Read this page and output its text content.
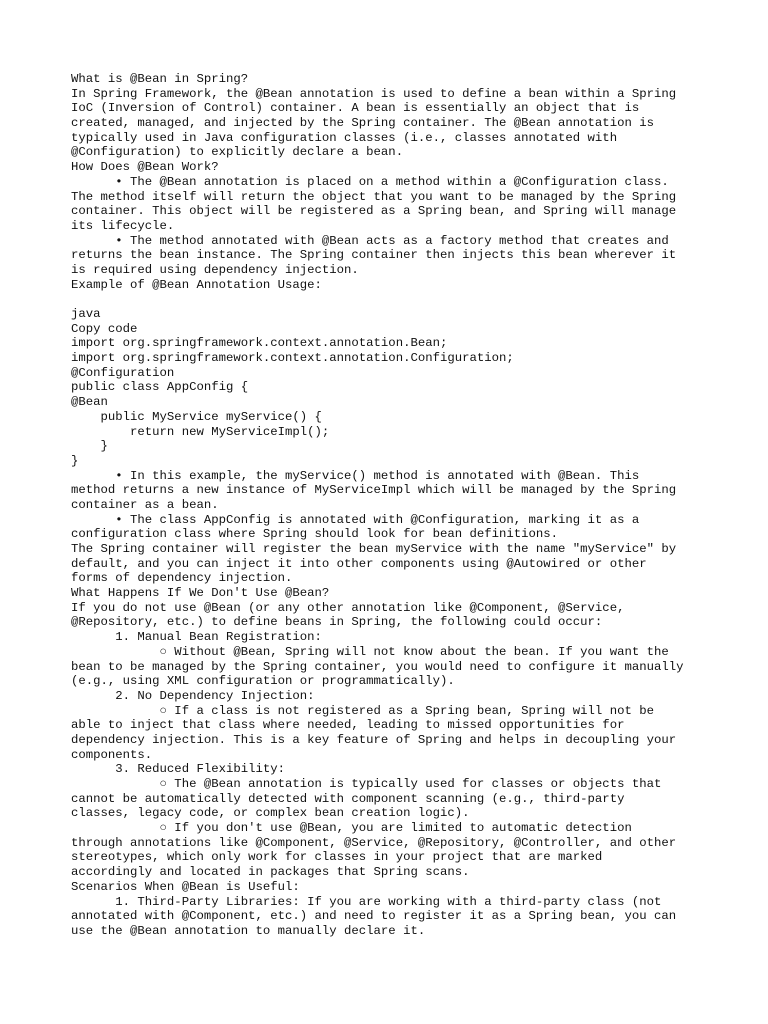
What is @Bean in Spring?
In Spring Framework, the @Bean annotation is used to define a bean within a Spring
IoC (Inversion of Control) container. A bean is essentially an object that is
created, managed, and injected by the Spring container. The @Bean annotation is
typically used in Java configuration classes (i.e., classes annotated with
@Configuration) to explicitly declare a bean.
How Does @Bean Work?
• The @Bean annotation is placed on a method within a @Configuration class.
The method itself will return the object that you want to be managed by the Spring
container. This object will be registered as a Spring bean, and Spring will manage
its lifecycle.
• The method annotated with @Bean acts as a factory method that creates and
returns the bean instance. The Spring container then injects this bean wherever it
is required using dependency injection.
Example of @Bean Annotation Usage:
java
Copy code
import org.springframework.context.annotation.Bean;
import org.springframework.context.annotation.Configuration;
@Configuration
public class AppConfig {
@Bean
public MyService myService() {
return new MyServiceImpl();
}
}
• In this example, the myService() method is annotated with @Bean. This
method returns a new instance of MyServiceImpl which will be managed by the Spring
container as a bean.
• The class AppConfig is annotated with @Configuration, marking it as a
configuration class where Spring should look for bean definitions.
The Spring container will register the bean myService with the name "myService" by
default, and you can inject it into other components using @Autowired or other
forms of dependency injection.
What Happens If We Don't Use @Bean?
If you do not use @Bean (or any other annotation like @Component, @Service,
@Repository, etc.) to define beans in Spring, the following could occur:
1. Manual Bean Registration:
○ Without @Bean, Spring will not know about the bean. If you want the
bean to be managed by the Spring container, you would need to configure it manually
(e.g., using XML configuration or programmatically).
2. No Dependency Injection:
○ If a class is not registered as a Spring bean, Spring will not be
able to inject that class where needed, leading to missed opportunities for
dependency injection. This is a key feature of Spring and helps in decoupling your
components.
3. Reduced Flexibility:
○ The @Bean annotation is typically used for classes or objects that
cannot be automatically detected with component scanning (e.g., third-party
classes, legacy code, or complex bean creation logic).
○ If you don't use @Bean, you are limited to automatic detection
through annotations like @Component, @Service, @Repository, @Controller, and other
stereotypes, which only work for classes in your project that are marked
accordingly and located in packages that Spring scans.
Scenarios When @Bean is Useful:
1. Third-Party Libraries: If you are working with a third-party class (not
annotated with @Component, etc.) and need to register it as a Spring bean, you can
use the @Bean annotation to manually declare it.
